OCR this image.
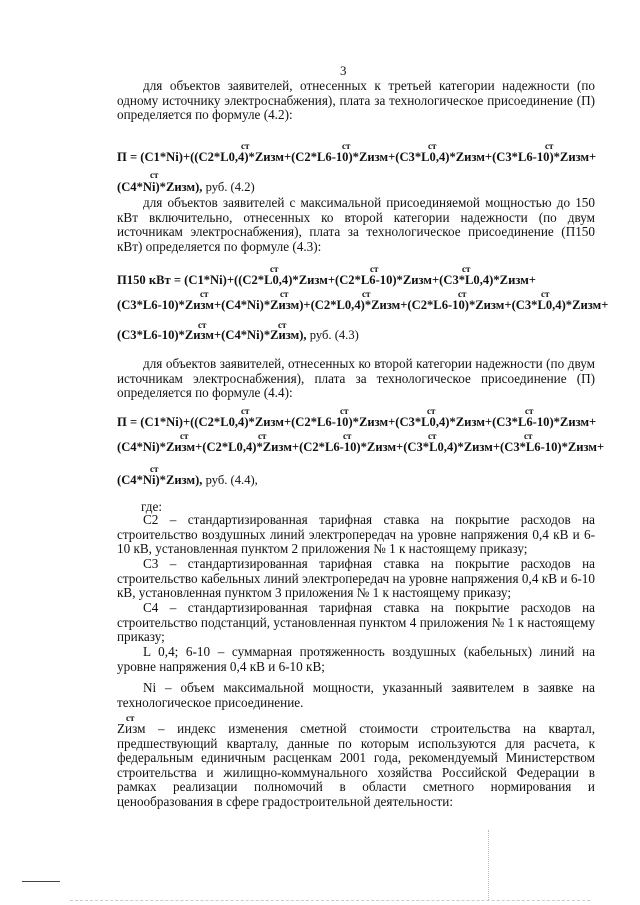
3

для объектов заявителей, отнесенных к третьей категории надежности (по одному источнику электроснабжения), плата за технологическое присоединение (П) определяется по формуле (4.2):

ст	ст	ст	ст
П = (C1*Ni)+((C2*L0,4)*Zизм+(C2*L6-10)*Zизм+(C3*L0,4)*Zизм+(C3*L6-10)*Zизм+
ст
(C4*Ni)*Zизм), руб. (4.2)

для объектов заявителей с максимальной присоединяемой мощностью до 150 кВт включительно, отнесенных ко второй категории надежности (по двум источникам электроснабжения), плата за технологическое присоединение (П150 кВт) определяется по формуле (4.3):

ст	ст	ст
П150 кВт = (C1*Ni)+((C2*L0,4)*Zизм+(C2*L6-10)*Zизм+(C3*L0,4)*Zизм+
ст	ст	ст	ст	ст
(C3*L6-10)*Zизм+(C4*Ni)*Zизм)+(C2*L0,4)*Zизм+(C2*L6-10)*Zизм+(C3*L0,4)*Zизм+
ст	ст
(C3*L6-10)*Zизм+(C4*Ni)*Zизм), руб. (4.3)

для объектов заявителей, отнесенных ко второй категории надежности (по двум источникам электроснабжения), плата за технологическое присоединение (П) определяется по формуле (4.4):

ст	ст	ст	ст
П = (C1*Ni)+((C2*L0,4)*Zизм+(C2*L6-10)*Zизм+(C3*L0,4)*Zизм+(C3*L6-10)*Zизм+
ст	ст	ст	ст	ст
(C4*Ni)*Zизм+(C2*L0,4)*Zизм+(C2*L6-10)*Zизм+(C3*L0,4)*Zизм+(C3*L6-10)*Zизм+
ст
(C4*Ni)*Zизм), руб. (4.4),
где:

С2 – стандартизированная тарифная ставка на покрытие расходов на строительство воздушных линий электропередач на уровне напряжения 0,4 кВ и 6-10 кВ, установленная пунктом 2 приложения № 1 к настоящему приказу;

С3 – стандартизированная тарифная ставка на покрытие расходов на строительство кабельных линий электропередач на уровне напряжения 0,4 кВ и 6-10 кВ, установленная пунктом 3 приложения № 1 к настоящему приказу;

С4 – стандартизированная тарифная ставка на покрытие расходов на строительство подстанций, установленная пунктом 4 приложения № 1 к настоящему приказу;

L 0,4; 6-10 – суммарная протяженность воздушных (кабельных) линий на уровне напряжения 0,4 кВ и 6-10 кВ;

Ni – объем максимальной мощности, указанный заявителем в заявке на технологическое присоединение.

ст

Zизм – индекс изменения сметной стоимости строительства на квартал, предшествующий кварталу, данные по которым используются для расчета, к федеральным единичным расценкам 2001 года, рекомендуемый Министерством строительства и жилищно-коммунального хозяйства Российской Федерации в рамках реализации полномочий в области сметного нормирования и ценообразования в сфере градостроительной деятельности:
